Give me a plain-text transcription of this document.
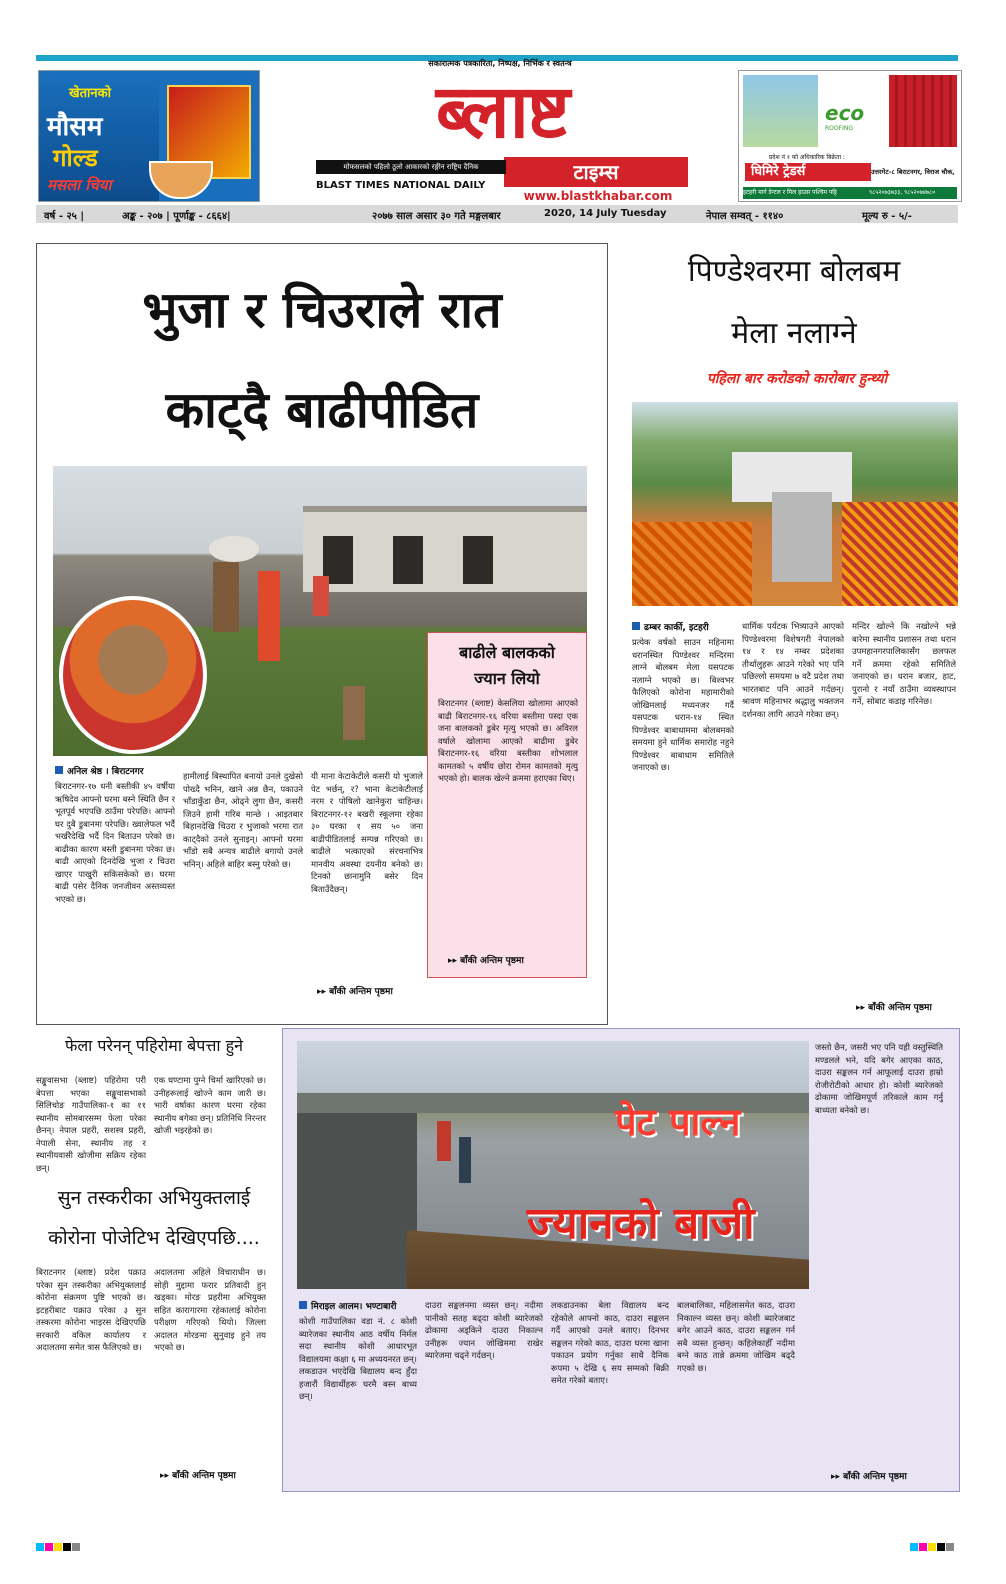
सकारात्मक पत्रकारिता, निष्पक्ष, निर्भिक र स्वतन्त्र
खेतानको
मौसम
गोल्ड
मसला चिया
ब्लाष्ट
टाइम्स
मोफसलको पहिलो ठूलो आकारको रङ्गीन राष्ट्रिय दैनिक
BLAST TIMES NATIONAL DAILY
www.blastkhabar.com
eco
ROOFING
प्रदेश नं १ को अधिकारिक बिक्रेता :
घिमिरे ट्रेडर्स	उत्तरगेट-८ बिराटनगर, विराज चौक,
इटहरी मार्ग डेन्टल र मिल हाउस पश्चिम पट्टि	९८५२०७३७३३, ९८५२०७४७८०
वर्ष - २५ |	अङ्क - २०७ | पूर्णाङ्क - ८६६४|	२०७७ साल असार ३० गते मङ्गलबार	2020, 14 July Tuesday	नेपाल सम्वत् - ११४०	मूल्य रु - ५/-
भुजा र चिउराले रात
काट्दै बाढीपीडित
अनिल श्रेष्ठ । बिराटनगर
बिराटनगर-१७ धनी बस्तीकी ४५ वर्षीया ऋषिदेव आफ्नो घरमा बस्ने स्थिति छैन र भूतपूर्व भएपछि ठाउँमा परेपछि। आफ्नो घर दुबै डुबानमा परेपछि। ख्वालेफल भर्दै भर्खरैदेखि भर्दै दिन बिताउन परेको छ। बाढीका कारण बस्ती डुबानमा परेका छ। बाढी आएको दिनदेखि भुजा र चिउरा खाएर पाखुरी सकिसकेको छ। घरमा बाढी पसेर दैनिक जनजीवन अस्तव्यस्त भएको छ।
हामीलाई बिस्थापित बनायो उनले दुखेसो पोख्दै भनिन, खाने अन्न छैन, पकाउने भाँडाकुँडा छैन, ओढ्ने लुगा छैन, कसरी जिउने हामी गरिब मान्छे । आइतबार बिहानदेखि चिउरा र भुजाको भरमा रात काट्दैको उनले सुनाइन्। आफ्नो घरमा भाँडो सबै अन्यत्र बाढीले बगायो उनले भनिन्। अहिले बाहिर बस्नु परेको छ।
यी माना केटाकेटीले कसरी यो भुजाले पेट भर्छन्, र? भाना केटाकेटीलाई नरम र पोषिलो खानेकुरा चाहिन्छ। बिराटनगर-१२ बखरी स्कूलमा रहेका ३० घरका १ सय ५० जना बाढीपीडितलाई सम्पन्न गरिएको छ। बाढीले भत्काएको संरचनाभित्र मानवीय अवस्था दयनीय बनेको छ। टिनको छानामुनि बसेर दिन बिताउँदैछन्।
▸▸ बाँकी अन्तिम पृष्ठमा
बाढीले बालकको
ज्यान लियो
बिराटनगर (ब्लाष्ट) केसलिया खोलामा आएको बाढी बिराटनगर-१६ वरिया बस्तीमा पस्दा एक जना बालकको डुबेर मृत्यु भएको छ। अविरल वर्षाले खोलामा आएको बाढीमा डुबेर बिराटनगर-१६ वरिया बस्तीका शोभलाल कामतको ५ वर्षीय छोरा रोमन कामतको मृत्यु भएको हो। बालक खेल्ने क्रममा हराएका थिए।
▸▸ बाँकी अन्तिम पृष्ठमा
पिण्डेश्वरमा बोलबम
मेला नलाग्ने
पहिला बार करोडको कारोबार हुन्थ्यो
ढम्बर कार्की, इटहरी
प्रत्येक वर्षको साउन महिनामा धरानस्थित पिण्डेश्वर मन्दिरमा लाग्ने बोलबम मेला यसपटक नलाग्ने भएको छ। बिश्वभर फैलिएको कोरोना महामारीको जोखिमलाई मध्यनजर गर्दै यसपटक धरान-१४ स्थित पिण्डेश्वर बाबाधाममा बोलबमको समयमा हुने धार्मिक समारोह नहुने पिण्डेश्वर बाबाधाम समितिले जनाएको छ।
धार्मिक पर्यटक भित्र्याउने आएको पिण्डेश्वरमा विशेषगरी नेपालको १४ र १४ नम्बर प्रदेशका तीर्थालुहरू आउने गरेको भए पनि पछिल्लो समयमा ७ वटै प्रदेश तथा भारतबाट पनि आउने गर्दछन्। श्रावण महिनाभर श्रद्धालु भक्तजन दर्शनका लागि आउने गरेका छन्।
मन्दिर खोल्ने कि नखोल्ने भन्ने बारेमा स्थानीय प्रशासन तथा धरान उपमहानगरपालिकासँग छलफल गर्ने क्रममा रहेको समितिले जनाएको छ। धरान बजार, हाट, पुरानो र नयाँ ठाउँमा व्यवस्थापन गर्ने, सोबाट कडाइ गरिनेछ।
▸▸ बाँकी अन्तिम पृष्ठमा
फेला परेनन् पहिरोमा बेपत्ता हुने
सङ्खुवासभा (ब्लाष्ट) पहिरोमा परी बेपत्ता भएका सङ्खुवासभाको सिलिचोङ गाउँपालिका-१ का ११ स्थानीय सोमबारसम्म फेला परेका छैनन्। नेपाल प्रहरी, सशस्त्र प्रहरी, नेपाली सेना, स्थानीय तह र स्थानीयवासी खोजीमा सक्रिय रहेका छन्।
एक घण्टामा पुग्ने चिर्मा खारिएको छ। उनीहरूलाई खोज्ने काम जारी छ। भारी वर्षाका कारण घरमा रहेका स्थानीय बगेका छन्। प्रतिनिधि निरन्तर खोजी भइरहेको छ।
सुन तस्करीका अभियुक्तलाई
कोरोना पोजेटिभ देखिएपछि....
बिराटनगर (ब्लाष्ट) प्रदेश पक्राउ परेका सुन तस्करीका अभियुक्तलाई कोरोना संक्रमण पुष्टि भएको छ। इटहरीबाट पक्राउ परेका ३ सुन तस्करमा कोरोना भाइरस देखिएपछि सरकारी वकिल कार्यालय र अदालतमा समेत त्रास फैलिएको छ।
अदालतमा अहिले विचाराधीन छ। सोही मुद्दामा फरार प्रतिवादी हुन् खड्का। मोरङ प्रहरीमा अभियुक्त सहित कारागारमा रहेकालाई कोरोना परीक्षण गरिएको थियो। जिल्ला अदालत मोरङमा सुनुवाइ हुने तय भएको छ।
▸▸ बाँकी अन्तिम पृष्ठमा
पेट पाल्न
ज्यानको बाजी
मिराइल आलम। भण्टाबारी
कोशी गाउँपालिका वडा नं. ८ कोशी ब्यारेजका स्थानीय आठ वर्षीय निर्मल सदा स्थानीय कोशी आधारभूत विद्यालयमा कक्षा ६ मा अध्ययनरत छन्। लकडाउन भएदेखि बिद्यालय बन्द हुँदा हजारौं विद्यार्थीहरू घरमै बस्न बाध्य छन्।
दाउरा सङ्कलनमा व्यस्त छन्। नदीमा पानीको सतह बढ्दा कोशी ब्यारेजको ढोकामा अड्किने दाउरा निकाल्न उनीहरू ज्यान जोखिममा राखेर ब्यारेजमा चढ्ने गर्दछन्।
लकडाउनका बेला विद्यालय बन्द रहेकोले आफ्नो काठ, दाउरा सङ्कलन गर्दै आएको उनले बताए। दिनभर सङ्कलन गरेको काठ, दाउरा घरमा खाना पकाउन प्रयोग गर्नुका साथै दैनिक रूपमा ५ देखि ६ सय सम्मको बिक्री समेत गरेको बताए।
बालबालिका, महिलासमेत काठ, दाउरा निकाल्न व्यस्त छन्। कोशी ब्यारेजबाट बगेर आउने काठ, दाउरा सङ्कलन गर्न सबै व्यस्त हुन्छन्। कहिलेकाहीँ नदीमा बग्ने काठ तान्ने क्रममा जोखिम बढ्दै गएको छ।
जस्तो छैन, जसरी भए पनि यही वस्तुस्थिति मण्डलले भने, यदि बगेर आएका काठ, दाउरा सङ्कलन गर्न आफूलाई दाउरा हाम्रो रोजीरोटीको आधार हो। कोशी ब्यारेजको ढोकामा जोखिमपूर्ण तरिकाले काम गर्नु बाध्यता बनेको छ।
▸▸ बाँकी अन्तिम पृष्ठमा
